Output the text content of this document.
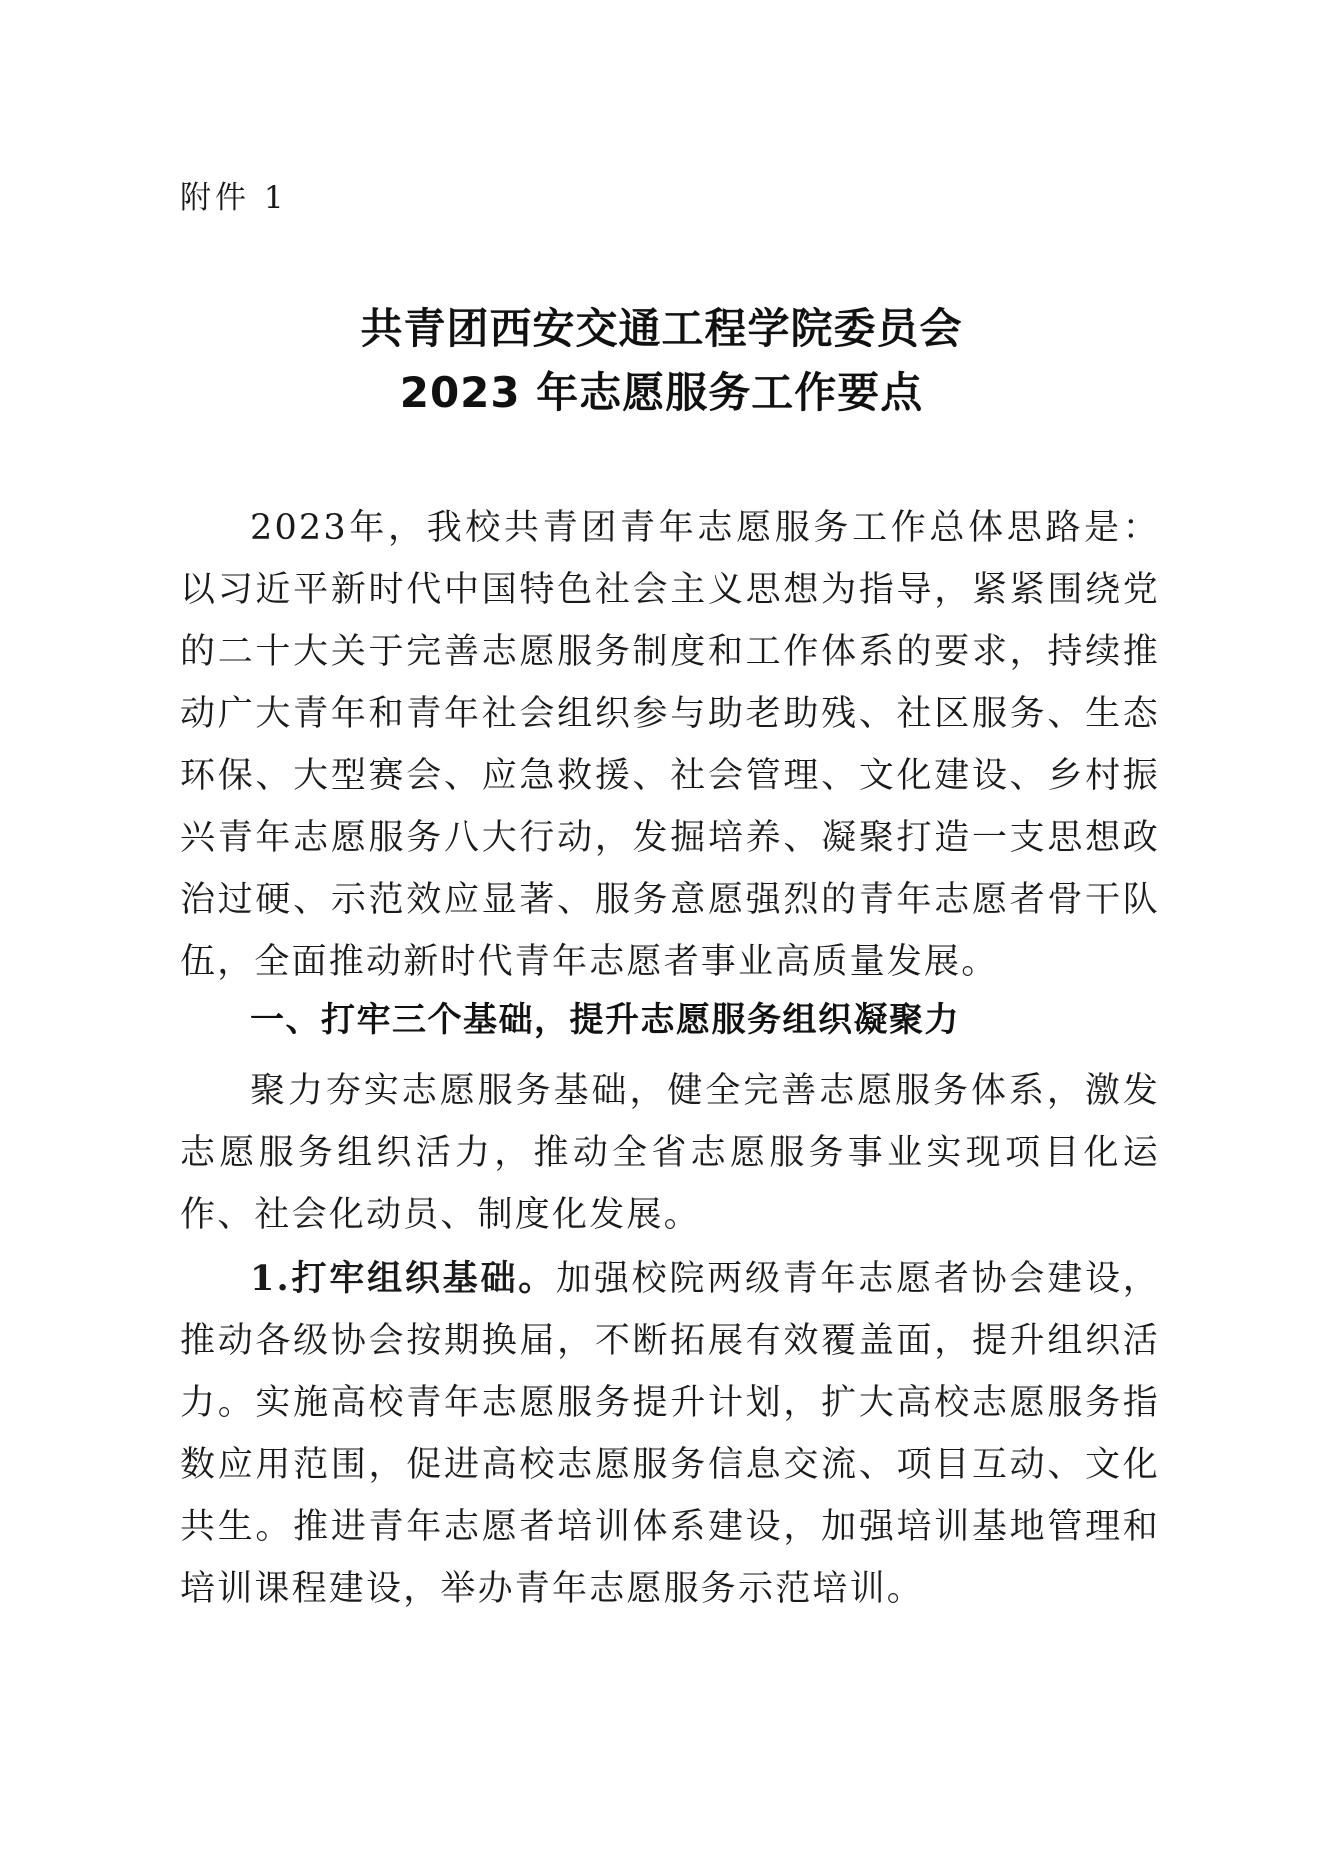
附件 1
共青团西安交通工程学院委员会
2023 年志愿服务工作要点

2023年，我校共青团青年志愿服务工作总体思路是：以习近平新时代中国特色社会主义思想为指导，紧紧围绕党的二十大关于完善志愿服务制度和工作体系的要求，持续推动广大青年和青年社会组织参与助老助残、社区服务、生态环保、大型赛会、应急救援、社会管理、文化建设、乡村振兴青年志愿服务八大行动，发掘培养、凝聚打造一支思想政治过硬、示范效应显著、服务意愿强烈的青年志愿者骨干队伍，全面推动新时代青年志愿者事业高质量发展。

一、打牢三个基础，提升志愿服务组织凝聚力

聚力夯实志愿服务基础，健全完善志愿服务体系，激发志愿服务组织活力，推动全省志愿服务事业实现项目化运作、社会化动员、制度化发展。

1.打牢组织基础。加强校院两级青年志愿者协会建设，推动各级协会按期换届，不断拓展有效覆盖面，提升组织活力。实施高校青年志愿服务提升计划，扩大高校志愿服务指数应用范围，促进高校志愿服务信息交流、项目互动、文化共生。推进青年志愿者培训体系建设，加强培训基地管理和培训课程建设，举办青年志愿服务示范培训。
